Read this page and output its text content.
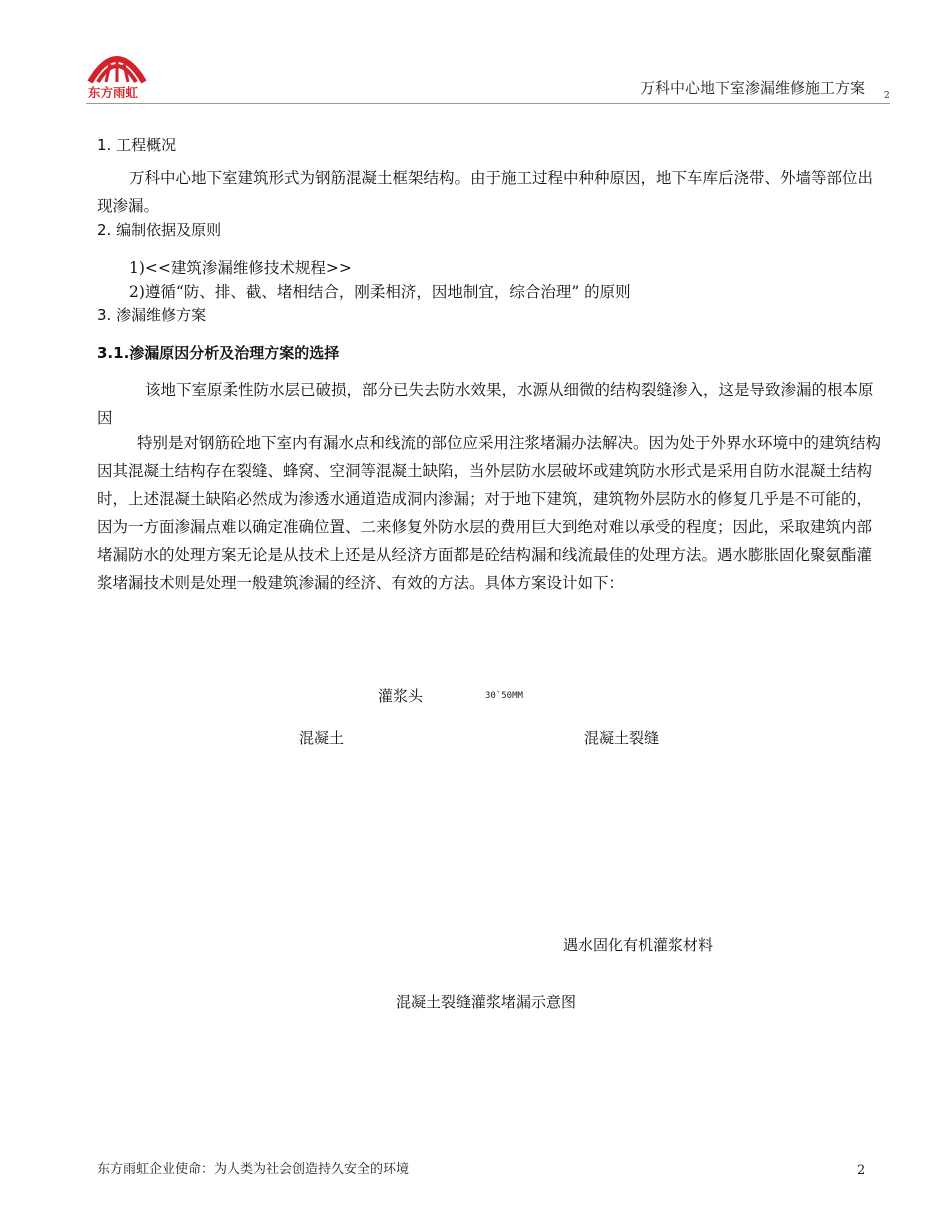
东方雨虹	万科中心地下室渗漏维修施工方案 2
1. 工程概况
万科中心地下室建筑形式为钢筋混凝土框架结构。由于施工过程中种种原因，地下车库后浇带、外墙等部位出现渗漏。
2. 编制依据及原则
1)<<建筑渗漏维修技术规程>>
2)遵循“防、排、截、堵相结合，刚柔相济，因地制宜，综合治理” 的原则
3. 渗漏维修方案
3.1.渗漏原因分析及治理方案的选择
该地下室原柔性防水层已破损，部分已失去防水效果，水源从细微的结构裂缝渗入，这是导致渗漏的根本原因
特别是对钢筋砼地下室内有漏水点和线流的部位应采用注浆堵漏办法解决。因为处于外界水环境中的建筑结构因其混凝土结构存在裂缝、蜂窝、空洞等混凝土缺陷，当外层防水层破坏或建筑防水形式是采用自防水混凝土结构时，上述混凝土缺陷必然成为渗透水通道造成洞内渗漏；对于地下建筑，建筑物外层防水的修复几乎是不可能的，因为一方面渗漏点难以确定准确位置、二来修复外防水层的费用巨大到绝对难以承受的程度；因此，采取建筑内部堵漏防水的处理方案无论是从技术上还是从经济方面都是砼结构漏和线流最佳的处理方法。遇水膨胀固化聚氨酯灌浆堵漏技术则是处理一般建筑渗漏的经济、有效的方法。具体方案设计如下：
灌浆头	30`50MM
混凝土	混凝土裂缝
遇水固化有机灌浆材料
混凝土裂缝灌浆堵漏示意图
东方雨虹企业使命：为人类为社会创造持久安全的环境	2
